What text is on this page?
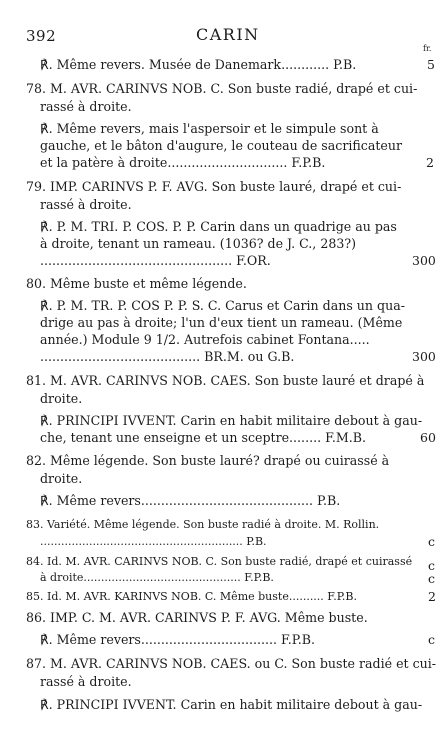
392	CARIN
fr.
℟. Même revers. Musée de Danemark............ P.B.
78. M. AVR. CARINVS NOB. C. Son buste radié, drapé et cui-
rassé à droite.
℟. Même revers, mais l'aspersoir et le simpule sont à
gauche, et le bâton d'augure, le couteau de sacrificateur
et la patère à droite.............................. F.P.B.
79. IMP. CARINVS P. F. AVG. Son buste lauré, drapé et cui-
rassé à droite.
℟. P. M. TRI. P. COS. P. P. Carin dans un quadrige au pas
à droite, tenant un rameau. (1036? de J. C., 283?)
................................................ F.OR.
80. Même buste et même légende.
℟. P. M. TR. P. COS P. P. S. C. Carus et Carin dans un qua-
drige au pas à droite; l'un d'eux tient un rameau. (Même
année.) Module 9 1/2. Autrefois cabinet Fontana.....
........................................ BR.M. ou G.B.
81. M. AVR. CARINVS NOB. CAES. Son buste lauré et drapé à
droite.
℟. PRINCIPI IVVENT. Carin en habit militaire debout à gau-
che, tenant une enseigne et un sceptre........ F.M.B.
82. Même légende. Son buste lauré? drapé ou cuirassé à
droite.
℟. Même revers........................................... P.B.
83. Variété. Même légende. Son buste radié à droite. M. Rollin.
.......................................................... P.B.
84. Id. M. AVR. CARINVS NOB. C. Son buste radié, drapé et cuirassé
à droite............................................. F.P.B.
85. Id. M. AVR. KARINVS NOB. C. Même buste.......... F.P.B.
86. IMP. C. M. AVR. CARINVS P. F. AVG. Même buste.
℟. Même revers.................................. F.P.B.
87. M. AVR. CARINVS NOB. CAES. ou C. Son buste radié et cui-
rassé à droite.
℟. PRINCIPI IVVENT. Carin en habit militaire debout à gau-
5
2
300
300
60
c
c
c
2
c
